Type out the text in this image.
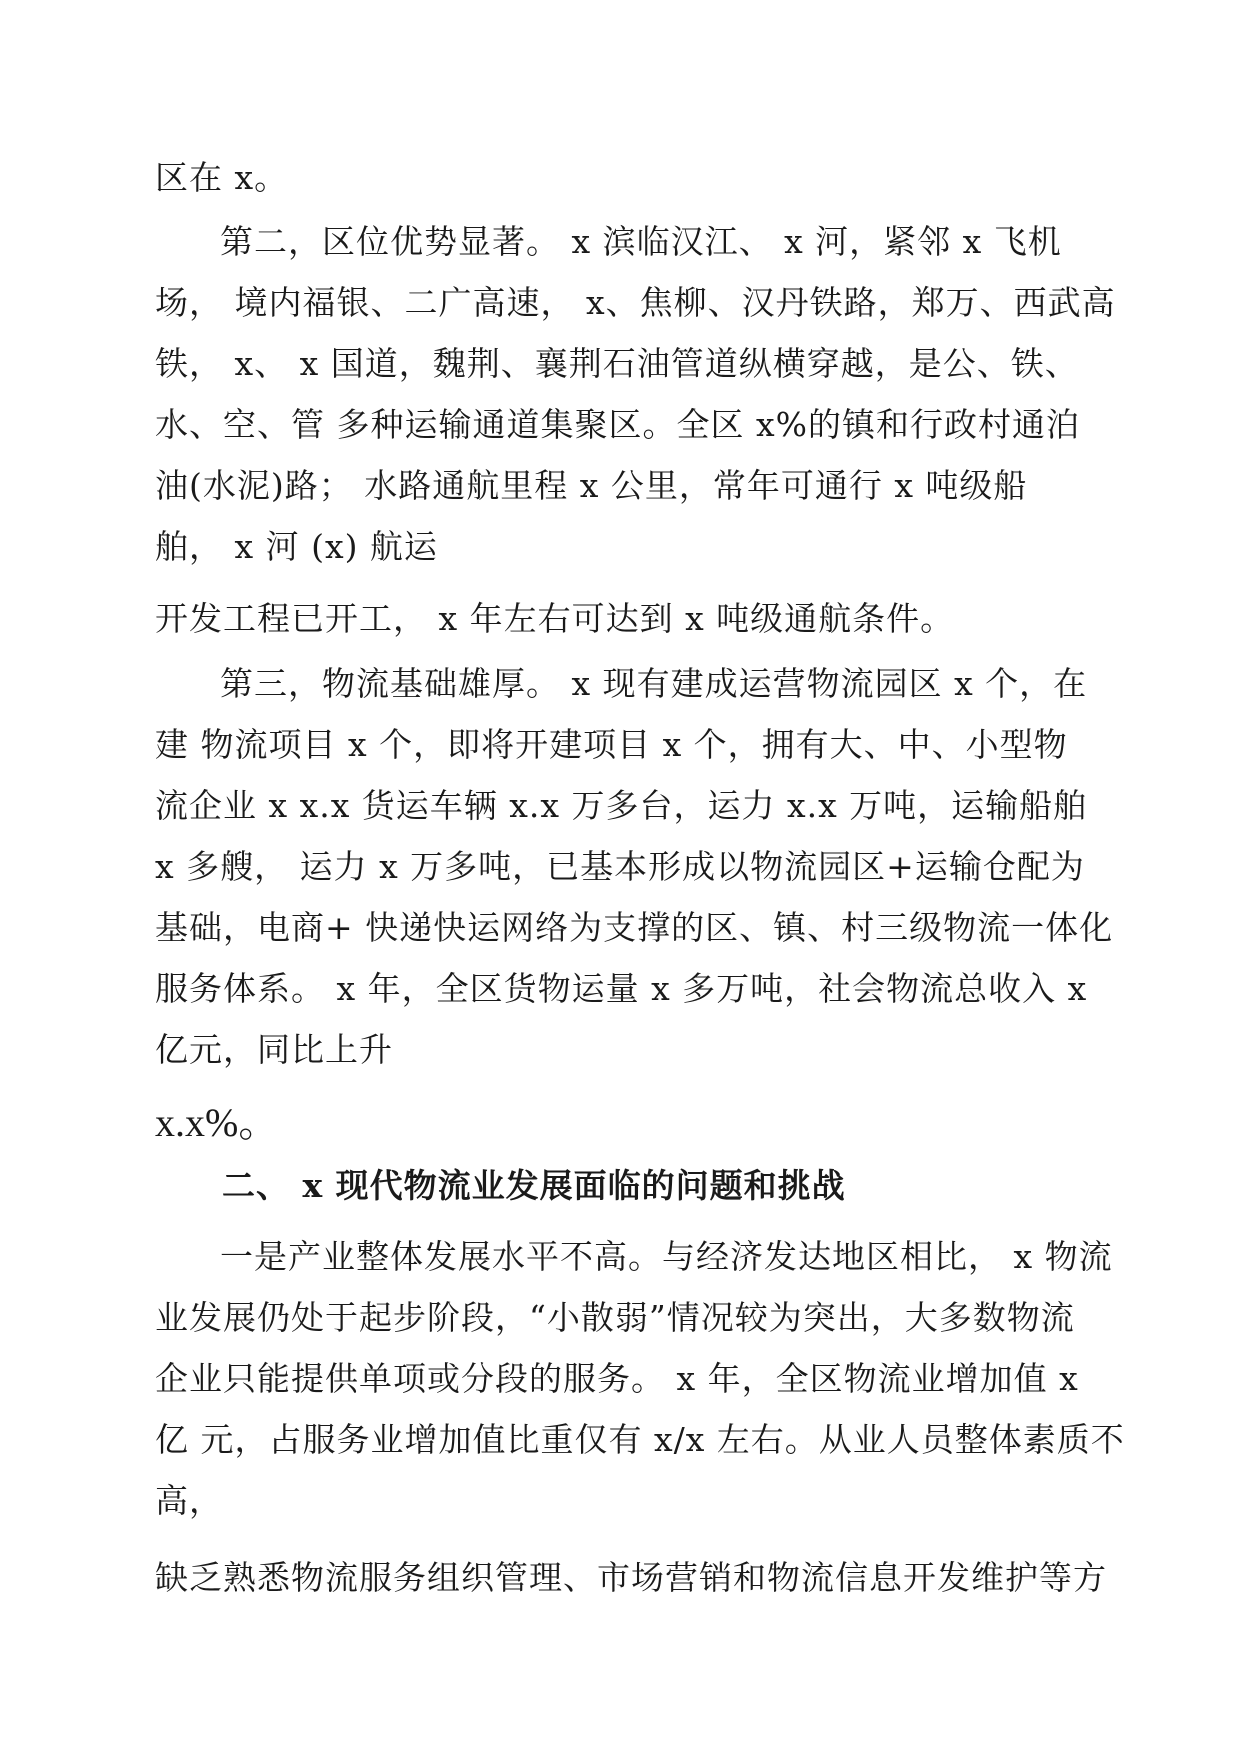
区在 x。
第二，区位优势显著。 x 滨临汉江、 x 河，紧邻 x 飞机
场， 境内福银、二广高速， x、焦柳、汉丹铁路，郑万、西武高
铁， x、 x 国道，魏荆、襄荆石油管道纵横穿越，是公、铁、
水、空、管 多种运输通道集聚区。全区 x%的镇和行政村通泊
油(水泥)路； 水路通航里程 x 公里，常年可通行 x 吨级船
舶， x 河 (x) 航运
开发工程已开工， x 年左右可达到 x 吨级通航条件。
第三，物流基础雄厚。 x 现有建成运营物流园区 x 个，在
建 物流项目 x 个，即将开建项目 x 个，拥有大、中、小型物
流企业 x x.x 货运车辆 x.x 万多台，运力 x.x 万吨，运输船舶
x 多艘， 运力 x 万多吨，已基本形成以物流园区+运输仓配为
基础，电商+ 快递快运网络为支撑的区、镇、村三级物流一体化
服务体系。 x 年，全区货物运量 x 多万吨，社会物流总收入 x
亿元，同比上升
x.x%。
二、 x 现代物流业发展面临的问题和挑战
一是产业整体发展水平不高。与经济发达地区相比， x 物流
业发展仍处于起步阶段，“小散弱”情况较为突出，大多数物流
企业只能提供单项或分段的服务。 x 年，全区物流业增加值 x
亿 元，占服务业增加值比重仅有 x/x 左右。从业人员整体素质不
高，
缺乏熟悉物流服务组织管理、市场营销和物流信息开发维护等方
